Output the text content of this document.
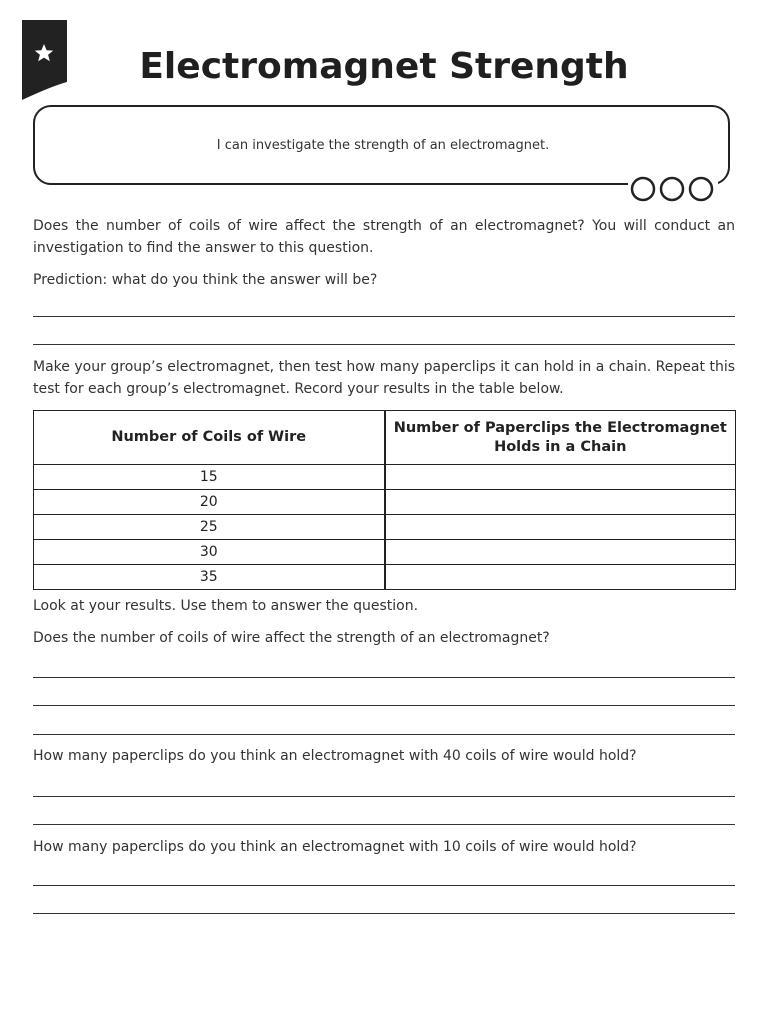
Electromagnet Strength
I can investigate the strength of an electromagnet.

Does the number of coils of wire affect the strength of an electromagnet? You will conduct an investigation to find the answer to this question.

Prediction: what do you think the answer will be?

Make your group’s electromagnet, then test how many paperclips it can hold in a chain. Repeat this test for each group’s electromagnet. Record your results in the table below.

Number of Coils of Wire	Number of Paperclips the Electromagnet Holds in a Chain
15	
20	
25	
30	
35	

Look at your results. Use them to answer the question.

Does the number of coils of wire affect the strength of an electromagnet?

How many paperclips do you think an electromagnet with 40 coils of wire would hold?

How many paperclips do you think an electromagnet with 10 coils of wire would hold?
